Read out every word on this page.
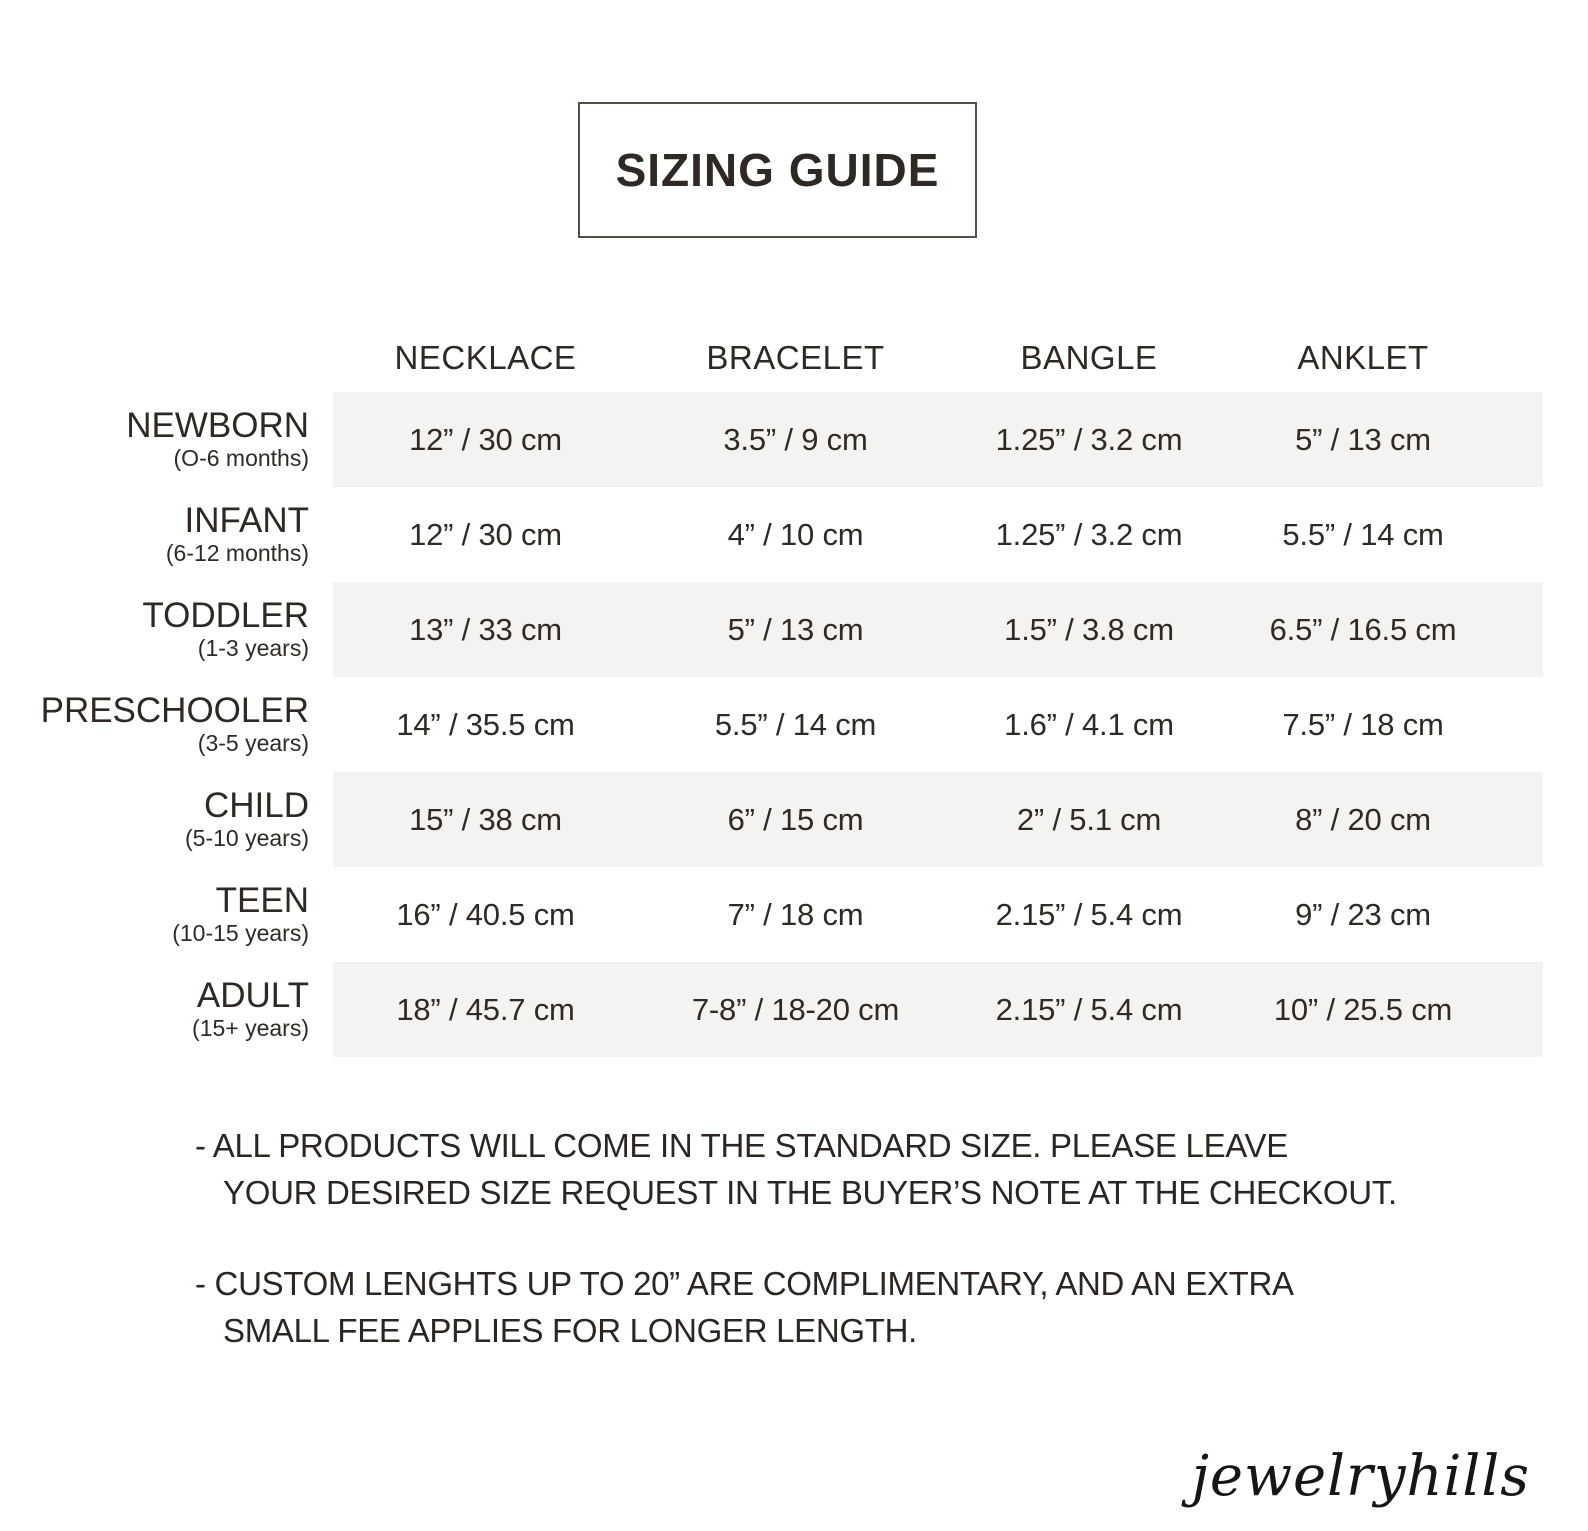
SIZING GUIDE
NECKLACE	BRACELET	BANGLE	ANKLET
NEWBORN
(O-6 months)
12” / 30 cm	3.5” / 9 cm	1.25” / 3.2 cm	5” / 13 cm
INFANT
(6-12 months)
12” / 30 cm	4” / 10 cm	1.25” / 3.2 cm	5.5” / 14 cm
TODDLER
(1-3 years)
13” / 33 cm	5” / 13 cm	1.5” / 3.8 cm	6.5” / 16.5 cm
PRESCHOOLER
(3-5 years)
14” / 35.5 cm	5.5” / 14 cm	1.6” / 4.1 cm	7.5” / 18 cm
CHILD
(5-10 years)
15” / 38 cm	6” / 15 cm	2” / 5.1 cm	8” / 20 cm
TEEN
(10-15 years)
16” / 40.5 cm	7” / 18 cm	2.15” / 5.4 cm	9” / 23 cm
ADULT
(15+ years)
18” / 45.7 cm	7-8” / 18-20 cm	2.15” / 5.4 cm	10” / 25.5 cm

- ALL PRODUCTS WILL COME IN THE STANDARD SIZE. PLEASE LEAVE
YOUR DESIRED SIZE REQUEST IN THE BUYER’S NOTE AT THE CHECKOUT.

- CUSTOM LENGHTS UP TO 20” ARE COMPLIMENTARY, AND AN EXTRA
SMALL FEE APPLIES FOR LONGER LENGTH.

jewelryhills
